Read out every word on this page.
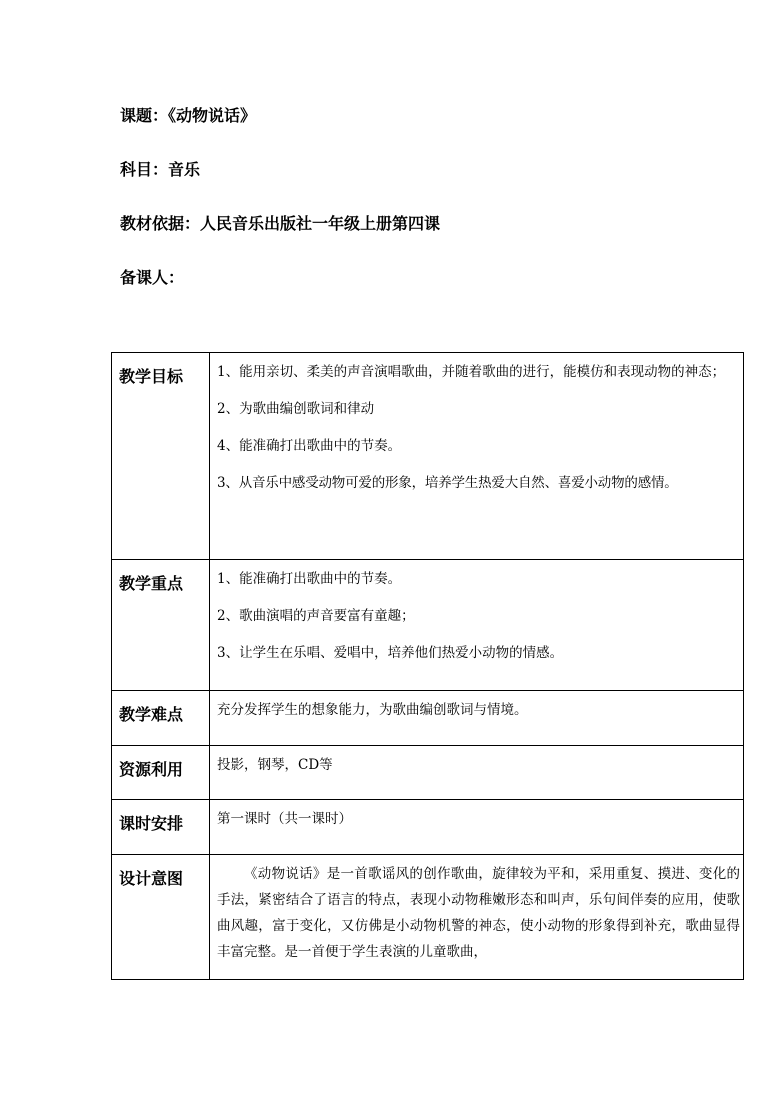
课题：《动物说话》
科目：音乐
教材依据：人民音乐出版社一年级上册第四课
备课人：
教学目标	1、能用亲切、柔美的声音演唱歌曲，并随着歌曲的进行，能模仿和表现动物的神态；

2、为歌曲编创歌词和律动

4、能准确打出歌曲中的节奏。

3、从音乐中感受动物可爱的形象，培养学生热爱大自然、喜爱小动物的感情。

教学重点	1、能准确打出歌曲中的节奏。

2、歌曲演唱的声音要富有童趣；

3、让学生在乐唱、爱唱中，培养他们热爱小动物的情感。

教学难点	充分发挥学生的想象能力，为歌曲编创歌词与情境。

资源利用	投影，钢琴，CD等

课时安排	第一课时（共一课时）

设计意图	《动物说话》是一首歌谣风的创作歌曲，旋律较为平和，采用重复、摸进、变化的手法，紧密结合了语言的特点，表现小动物稚嫩形态和叫声，乐句间伴奏的应用，使歌曲风趣，富于变化，又仿佛是小动物机警的神态，使小动物的形象得到补充，歌曲显得丰富完整。是一首便于学生表演的儿童歌曲，
